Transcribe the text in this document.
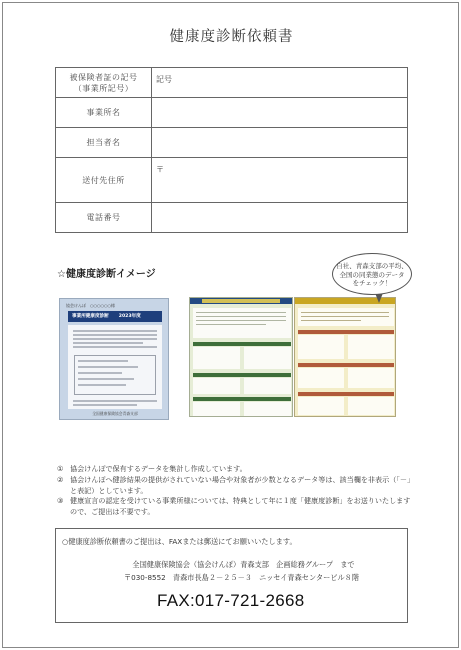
健康度診断依頼書
被保険者証の記号
（事業所記号）	記号
事業所名	
担当者名	
送付先住所	〒
電話番号	
☆健康度診断イメージ
自社、青森支部の平均、
全国の同業態のデータ
をチェック！
協会けんぽ　○○○○○○様
事業所健康度診断 2023年度
全国健康保険協会青森支部
① 協会けんぽで保有するデータを集計し作成しています。
② 協会けんぽへ健診結果の提供がされていない場合や対象者が少数となるデータ等は、該当欄を非表示（「－」と表記）としています。
③ 健康宣言の認定を受けている事業所様については、特典として年に１度「健康度診断」をお送りいたしますので、ご提出は不要です。
○健康度診断依頼書のご提出は、FAXまたは郵送にてお願いいたします。
全国健康保険協会（協会けんぽ）青森支部　企画総務グループ　まで
〒030-8552　青森市長島２－２５－３　ニッセイ青森センタービル８階
FAX:017-721-2668
